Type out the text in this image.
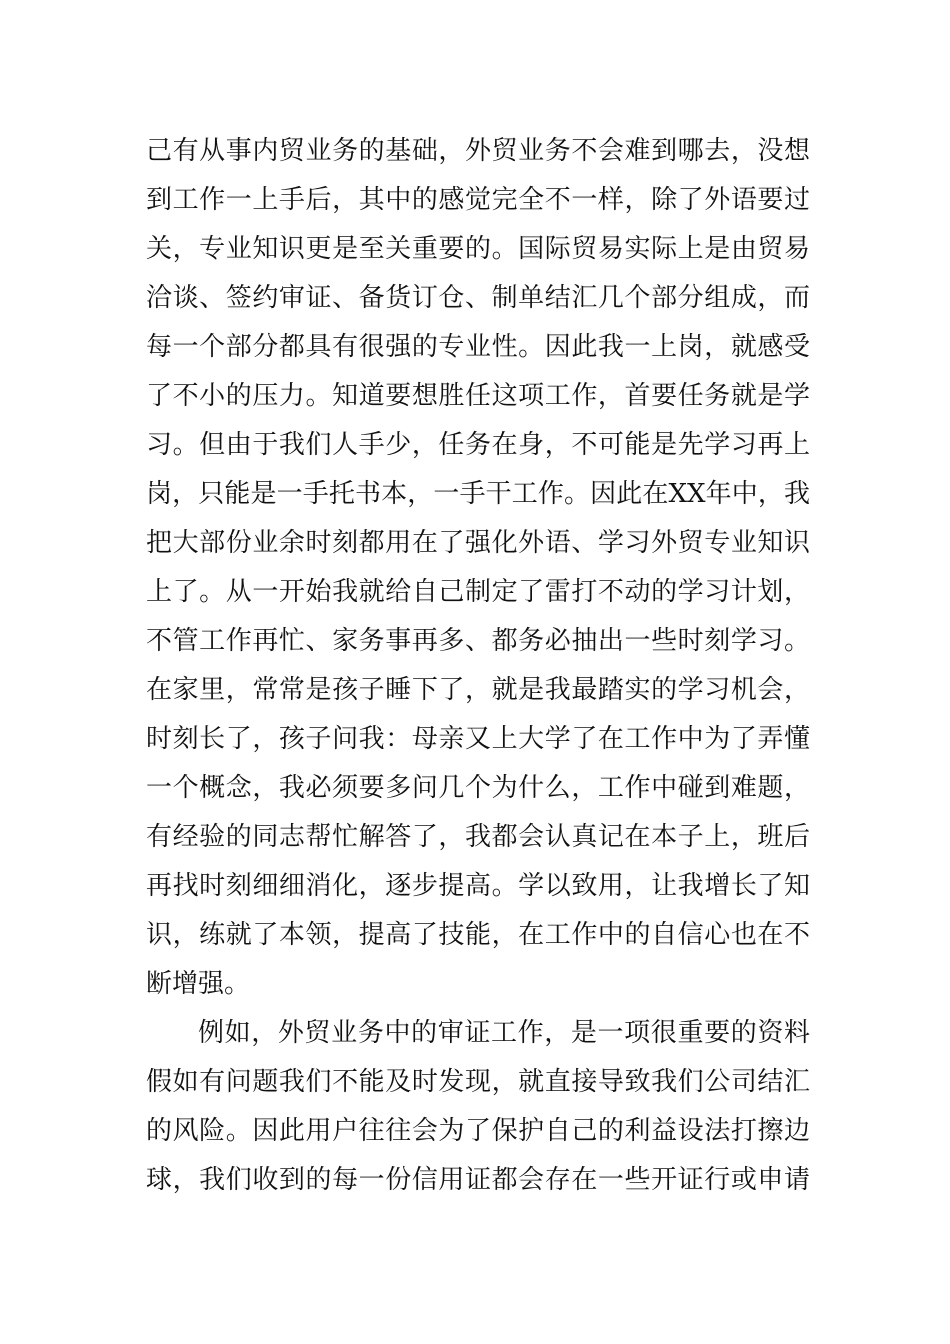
己有从事内贸业务的基础，外贸业务不会难到哪去，没想
到工作一上手后，其中的感觉完全不一样，除了外语要过
关，专业知识更是至关重要的。国际贸易实际上是由贸易
洽谈、签约审证、备货订仓、制单结汇几个部分组成，而
每一个部分都具有很强的专业性。因此我一上岗，就感受
了不小的压力。知道要想胜任这项工作，首要任务就是学
习。但由于我们人手少，任务在身，不可能是先学习再上
岗，只能是一手托书本，一手干工作。因此在XX年中，我
把大部份业余时刻都用在了强化外语、学习外贸专业知识
上了。从一开始我就给自己制定了雷打不动的学习计划，
不管工作再忙、家务事再多、都务必抽出一些时刻学习。
在家里，常常是孩子睡下了，就是我最踏实的学习机会，
时刻长了，孩子问我：母亲又上大学了在工作中为了弄懂
一个概念，我必须要多问几个为什么，工作中碰到难题，
有经验的同志帮忙解答了，我都会认真记在本子上，班后
再找时刻细细消化，逐步提高。学以致用，让我增长了知
识，练就了本领，提高了技能，在工作中的自信心也在不
断增强。
例如，外贸业务中的审证工作，是一项很重要的资料
假如有问题我们不能及时发现，就直接导致我们公司结汇
的风险。因此用户往往会为了保护自己的利益设法打擦边
球，我们收到的每一份信用证都会存在一些开证行或申请
